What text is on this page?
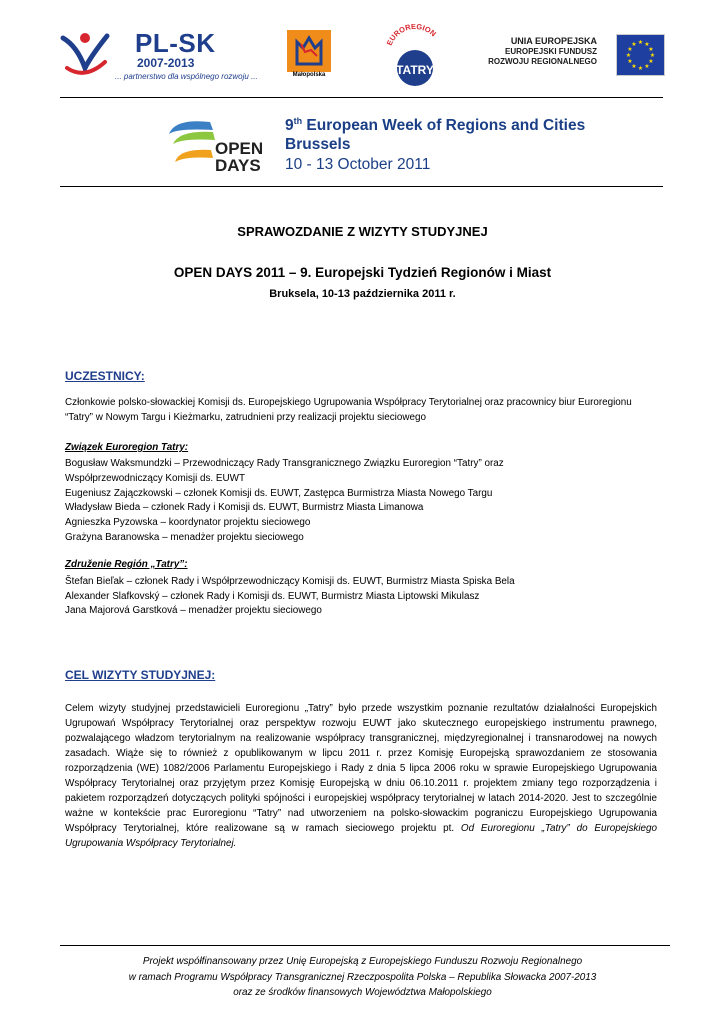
PL-SK
2007-2013
... partnerstwo dla wspólnego rozwoju ...	Małopolska
EUROREGION
TATRY
UNIA EUROPEJSKA
EUROPEJSKI FUNDUSZ
ROZWOJU REGIONALNEGO
★ ★
★
★
★
★
★
★
★
★
★
★
OPEN
DAYS
9th European Week of Regions and Cities
Brussels
10 - 13 October 2011
SPRAWOZDANIE Z WIZYTY STUDYJNEJ
OPEN DAYS 2011 – 9. Europejski Tydzień Regionów i Miast
Bruksela, 10-13 października 2011 r.
UCZESTNICY:
Członkowie polsko-słowackiej Komisji ds. Europejskiego Ugrupowania Współpracy Terytorialnej oraz pracownicy biur Euroregionu “Tatry” w Nowym Targu i Kieżmarku, zatrudnieni przy realizacji projektu sieciowego
Związek Euroregion Tatry:
Bogusław Waksmundzki – Przewodniczący Rady Transgranicznego Związku Euroregion “Tatry” oraz
Współprzewodniczący Komisji ds. EUWT
Eugeniusz Zajączkowski – członek Komisji ds. EUWT, Zastępca Burmistrza Miasta Nowego Targu
Władysław Bieda – członek Rady i Komisji ds. EUWT, Burmistrz Miasta Limanowa
Agnieszka Pyzowska – koordynator projektu sieciowego
Grażyna Baranowska – menadżer projektu sieciowego
Združenie Región „Tatry”:
Štefan Bieľak – członek Rady i Współprzewodniczący Komisji ds. EUWT, Burmistrz Miasta Spiska Bela
Alexander Slafkovský – członek Rady i Komisji ds. EUWT, Burmistrz Miasta Liptowski Mikulasz
Jana Majorová Garstková – menadżer projektu sieciowego
CEL WIZYTY STUDYJNEJ:
Celem wizyty studyjnej przedstawicieli Euroregionu „Tatry” było przede wszystkim poznanie rezultatów działalności Europejskich Ugrupowań Współpracy Terytorialnej oraz perspektyw rozwoju EUWT jako skutecznego europejskiego instrumentu prawnego, pozwalającego władzom terytorialnym na realizowanie współpracy transgranicznej, międzyregionalnej i transnarodowej na nowych zasadach. Wiąże się to również z opublikowanym w lipcu 2011 r. przez Komisję Europejską sprawozdaniem ze stosowania rozporządzenia (WE) 1082/2006 Parlamentu Europejskiego i Rady z dnia 5 lipca 2006 roku w sprawie Europejskiego Ugrupowania Współpracy Terytorialnej oraz przyjętym przez Komisję Europejską w dniu 06.10.2011 r. projektem zmiany tego rozporządzenia i pakietem rozporządzeń dotyczących polityki spójności i europejskiej współpracy terytorialnej w latach 2014-2020. Jest to szczególnie ważne w kontekście prac Euroregionu “Tatry” nad utworzeniem na polsko-słowackim pograniczu Europejskiego Ugrupowania Współpracy Terytorialnej, które realizowane są w ramach sieciowego projektu pt. Od Euroregionu „Tatry” do Europejskiego Ugrupowania Współpracy Terytorialnej.
Projekt współfinansowany przez Unię Europejską z Europejskiego Funduszu Rozwoju Regionalnego
w ramach Programu Współpracy Transgranicznej Rzeczpospolita Polska – Republika Słowacka 2007-2013
oraz ze środków finansowych Województwa Małopolskiego
